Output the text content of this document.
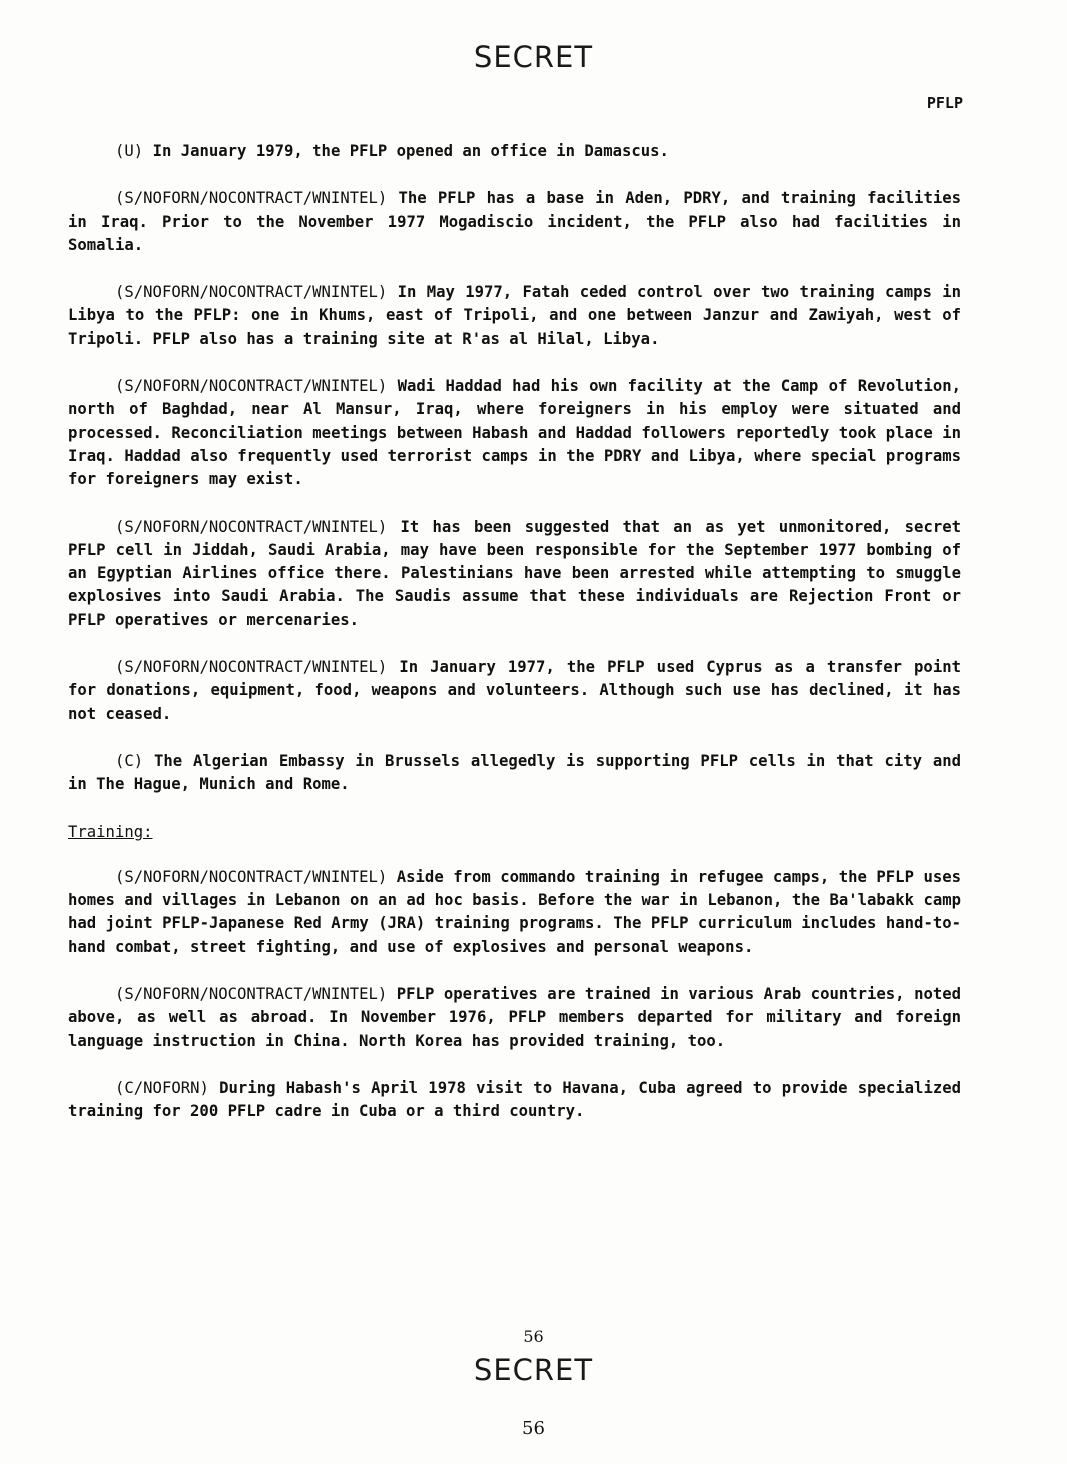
SECRET
PFLP

(U) In January 1979, the PFLP opened an office in Damascus.

(S/NOFORN/NOCONTRACT/WNINTEL) The PFLP has a base in Aden, PDRY, and training facilities in Iraq. Prior to the November 1977 Mogadiscio incident, the PFLP also had facilities in Somalia.

(S/NOFORN/NOCONTRACT/WNINTEL) In May 1977, Fatah ceded control over two training camps in Libya to the PFLP: one in Khums, east of Tripoli, and one between Janzur and Zawiyah, west of Tripoli. PFLP also has a training site at R'as al Hilal, Libya.

(S/NOFORN/NOCONTRACT/WNINTEL) Wadi Haddad had his own facility at the Camp of Revolution, north of Baghdad, near Al Mansur, Iraq, where foreigners in his employ were situated and processed. Reconciliation meetings between Habash and Haddad followers reportedly took place in Iraq. Haddad also frequently used terrorist camps in the PDRY and Libya, where special programs for foreigners may exist.

(S/NOFORN/NOCONTRACT/WNINTEL) It has been suggested that an as yet unmonitored, secret PFLP cell in Jiddah, Saudi Arabia, may have been responsible for the September 1977 bombing of an Egyptian Airlines office there. Palestinians have been arrested while attempting to smuggle explosives into Saudi Arabia. The Saudis assume that these individuals are Rejection Front or PFLP operatives or mercenaries.

(S/NOFORN/NOCONTRACT/WNINTEL) In January 1977, the PFLP used Cyprus as a transfer point for donations, equipment, food, weapons and volunteers. Although such use has declined, it has not ceased.

(C) The Algerian Embassy in Brussels allegedly is supporting PFLP cells in that city and in The Hague, Munich and Rome.

Training:

(S/NOFORN/NOCONTRACT/WNINTEL) Aside from commando training in refugee camps, the PFLP uses homes and villages in Lebanon on an ad hoc basis. Before the war in Lebanon, the Ba'labakk camp had joint PFLP-Japanese Red Army (JRA) training programs. The PFLP curriculum includes hand-to-hand combat, street fighting, and use of explosives and personal weapons.

(S/NOFORN/NOCONTRACT/WNINTEL) PFLP operatives are trained in various Arab countries, noted above, as well as abroad. In November 1976, PFLP members departed for military and foreign language instruction in China. North Korea has provided training, too.

(C/NOFORN) During Habash's April 1978 visit to Havana, Cuba agreed to provide specialized training for 200 PFLP cadre in Cuba or a third country.

56
SECRET
56
